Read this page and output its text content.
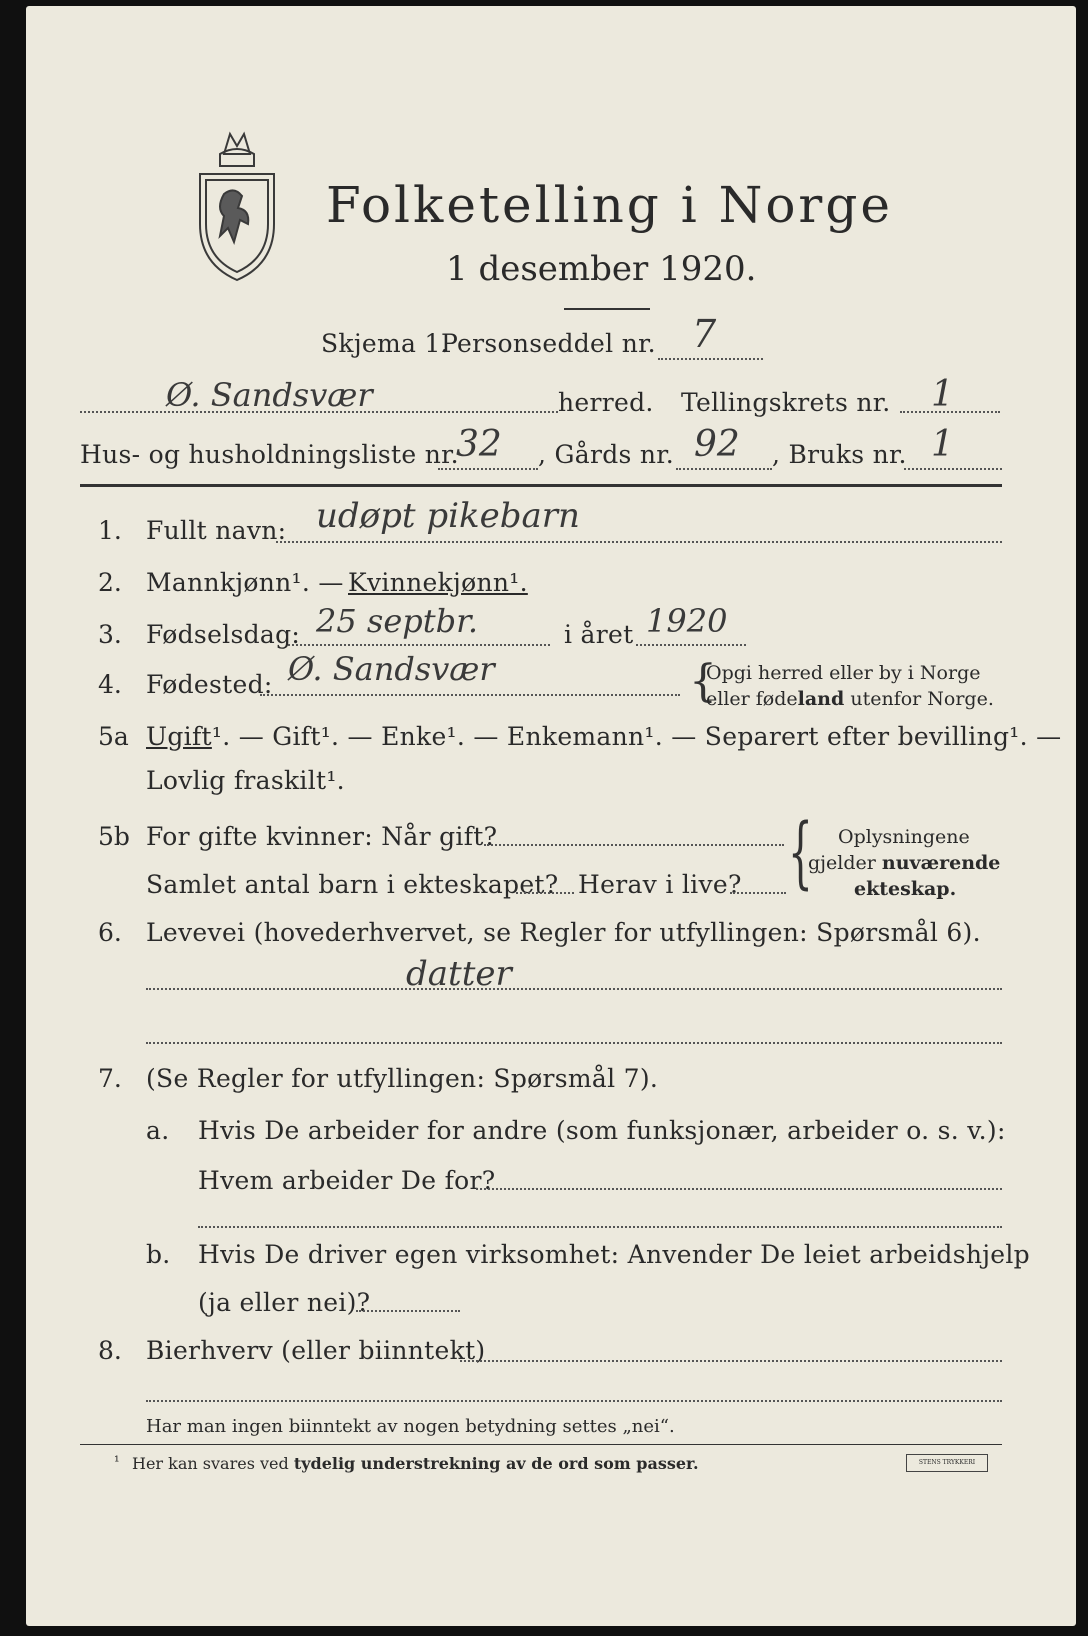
Folketelling i Norge
1 desember 1920.
Skjema 1.
Personseddel nr. 7
Ø. Sandsvær	herred. Tellingskrets nr. 1
Hus- og husholdningsliste nr.
32 , Gårds nr. 92 , Bruks nr. 1
1. Fullt navn: udøpt pikebarn
2. Mannkjønn¹. — Kvinnekjønn¹.
3. Fødselsdag: 25 septbr.	i året 1920
4. Fødested: Ø. Sandsvær	{
Opgi herred eller by i Norge
eller fødeland utenfor Norge.
5a Ugift¹. — Gift¹. — Enke¹. — Enkemann¹. — Separert efter bevilling¹. —
Lovlig fraskilt¹.
5b For gifte kvinner: Når gift?
Samlet antal barn i ekteskapet? Herav i live? { Oplysningene
gjelder nuværende
ekteskap.
6. Levevei (hovederhvervet, se Regler for utfyllingen: Spørsmål 6).
datter
7. (Se Regler for utfyllingen: Spørsmål 7).
a. Hvis De arbeider for andre (som funksjonær, arbeider o. s. v.):
Hvem arbeider De for?
b. Hvis De driver egen virksomhet: Anvender De leiet arbeidshjelp
(ja eller nei)?
8. Bierhverv (eller biinntekt)
Har man ingen biinntekt av nogen betydning settes „nei“.
¹ Her kan svares ved tydelig understrekning av de ord som passer.	STENS TRYKKERI
